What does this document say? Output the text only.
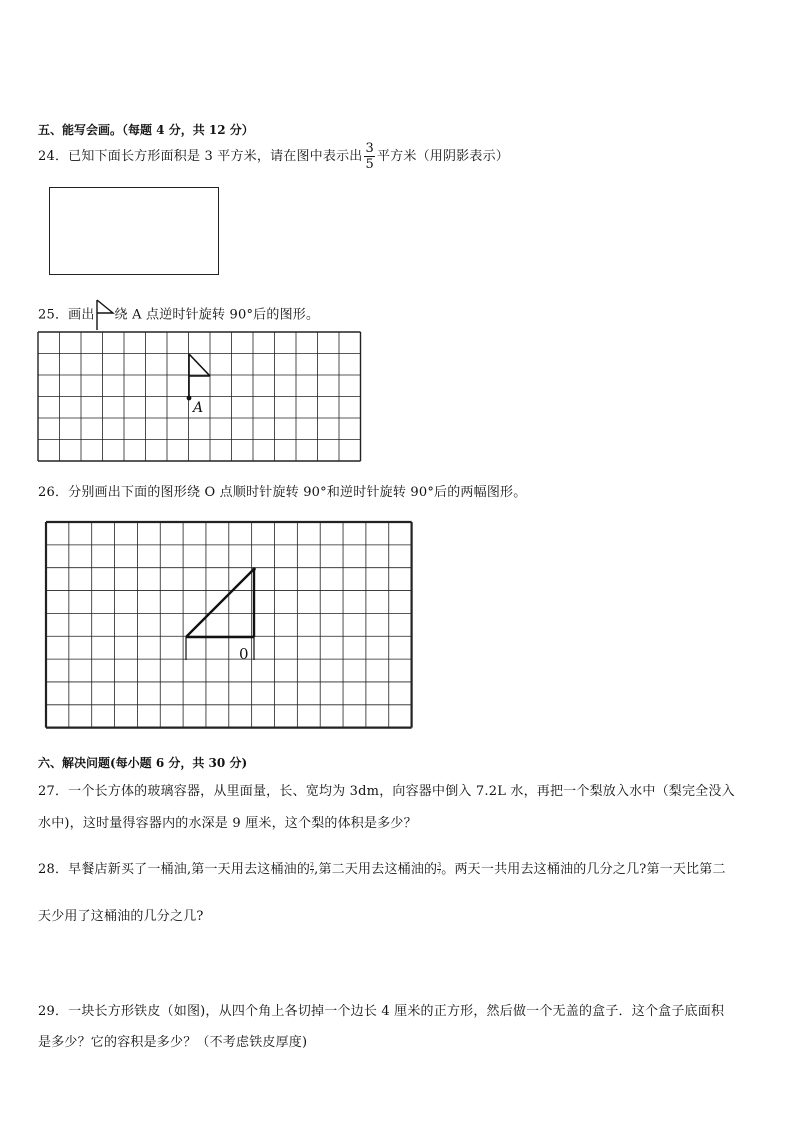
五、能写会画。（每题 4 分，共 12 分）
24．已知下面长方形面积是 3 平方米，请在图中表示出 $\frac{3}{5}$ 平方米（用阴影表示）
25．画出 绕 A 点逆时针旋转 90°后的图形。
A
26．分别画出下面的图形绕 O 点顺时针旋转 90°和逆时针旋转 90°后的两幅图形。
0
六、解决问题(每小题 6 分，共 30 分)
27．一个长方体的玻璃容器，从里面量，长、宽均为 3dm，向容器中倒入 7.2L 水，再把一个梨放入水中（梨完全没入
水中)，这时量得容器内的水深是 9 厘米，这个梨的体积是多少？
28．早餐店新买了一桶油,第一天用去这桶油的 $\frac{2}{7}$ ,第二天用去这桶油的 $\frac{3}{7}$ 。两天一共用去这桶油的几分之几?第一天比第二
天少用了这桶油的几分之几?
29．一块长方形铁皮（如图)，从四个角上各切掉一个边长 4 厘米的正方形，然后做一个无盖的盒子．这个盒子底面积
是多少？它的容积是多少？（不考虑铁皮厚度)
